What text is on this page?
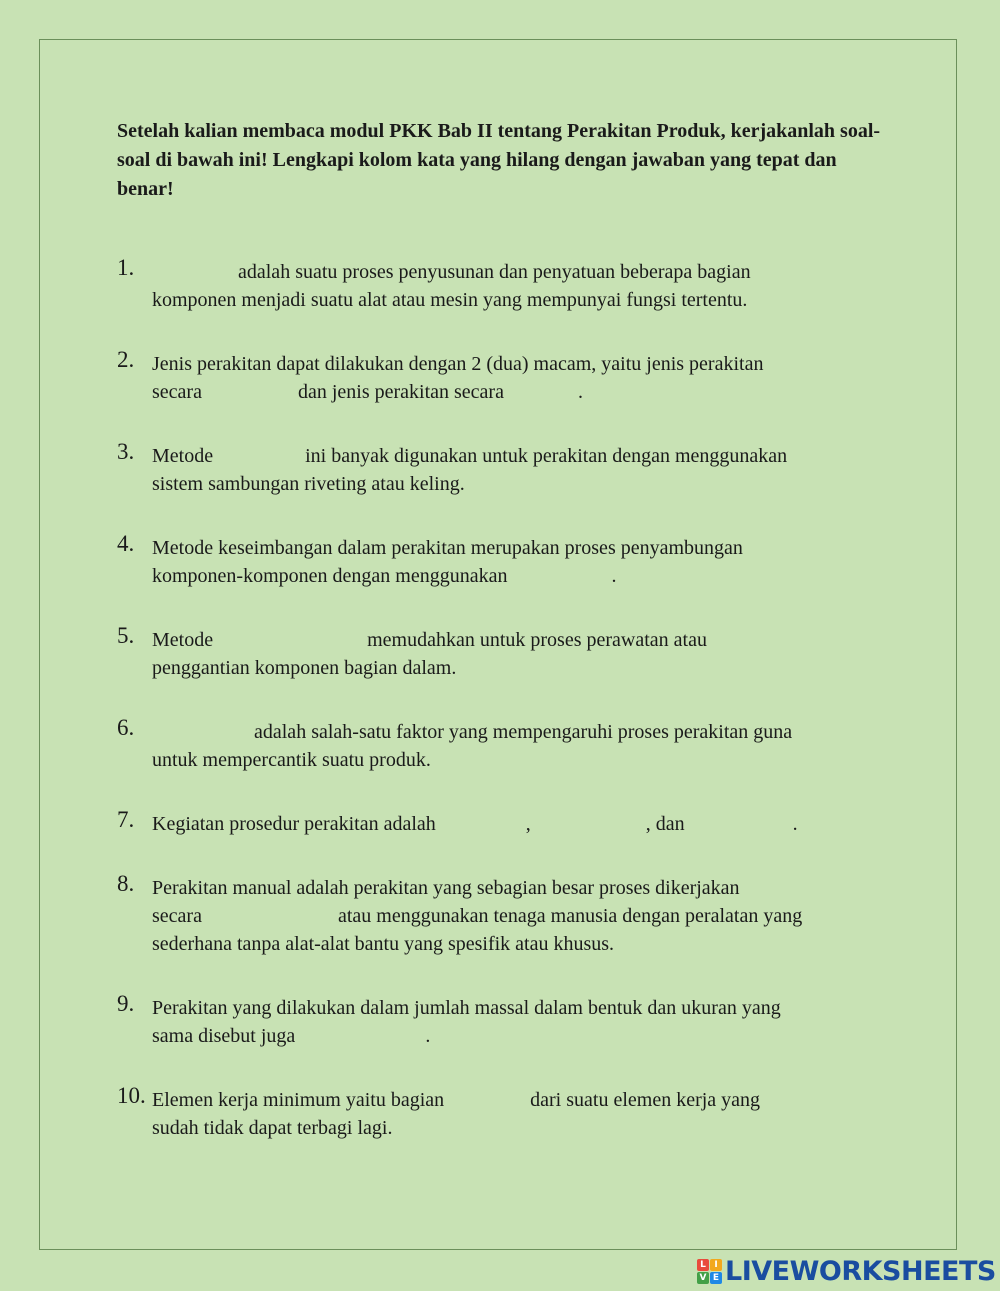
Setelah kalian membaca modul PKK Bab II tentang Perakitan Produk, kerjakanlah soal-soal di bawah ini! Lengkapi kolom kata yang hilang dengan jawaban yang tepat dan benar!
1.	adalah suatu proses penyusunan dan penyatuan beberapa bagian
komponen menjadi suatu alat atau mesin yang mempunyai fungsi tertentu.
2. Jenis perakitan dapat dilakukan dengan 2 (dua) macam, yaitu jenis perakitan
secara	dan jenis perakitan secara	.
3. Metode	ini banyak digunakan untuk perakitan dengan menggunakan
sistem sambungan riveting atau keling.
4. Metode keseimbangan dalam perakitan merupakan proses penyambungan
komponen-komponen dengan menggunakan	.
5. Metode	memudahkan untuk proses perawatan atau
penggantian komponen bagian dalam.
6.	adalah salah-satu faktor yang mempengaruhi proses perakitan guna
untuk mempercantik suatu produk.
7. Kegiatan prosedur perakitan adalah	,	, dan	.
8. Perakitan manual adalah perakitan yang sebagian besar proses dikerjakan
secara	atau menggunakan tenaga manusia dengan peralatan yang
sederhana tanpa alat-alat bantu yang spesifik atau khusus.
9. Perakitan yang dilakukan dalam jumlah massal dalam bentuk dan ukuran yang
sama disebut juga	.
10. Elemen kerja minimum yaitu bagian	dari suatu elemen kerja yang
sudah tidak dapat terbagi lagi.
L I
V E LIVEWORKSHEETS
